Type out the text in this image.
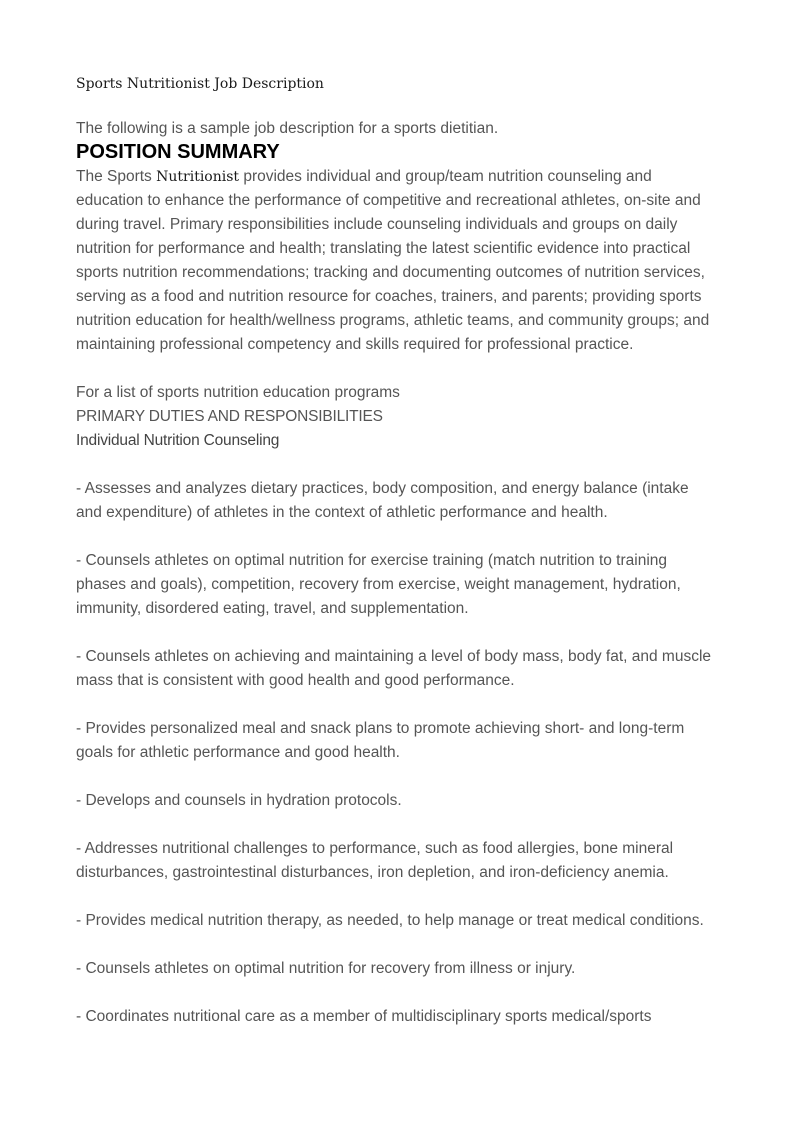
Sports Nutritionist Job Description
The following is a sample job description for a sports dietitian.
POSITION SUMMARY
The Sports Nutritionist provides individual and group/team nutrition counseling and education to enhance the performance of competitive and recreational athletes, on-site and during travel. Primary responsibilities include counseling individuals and groups on daily nutrition for performance and health; translating the latest scientific evidence into practical sports nutrition recommendations; tracking and documenting outcomes of nutrition services, serving as a food and nutrition resource for coaches, trainers, and parents; providing sports nutrition education for health/wellness programs, athletic teams, and community groups; and maintaining professional competency and skills required for professional practice.
For a list of sports nutrition education programs
PRIMARY DUTIES AND RESPONSIBILITIES
Individual Nutrition Counseling
- Assesses and analyzes dietary practices, body composition, and energy balance (intake and expenditure) of athletes in the context of athletic performance and health.
- Counsels athletes on optimal nutrition for exercise training (match nutrition to training phases and goals), competition, recovery from exercise, weight management, hydration, immunity, disordered eating, travel, and supplementation.
- Counsels athletes on achieving and maintaining a level of body mass, body fat, and muscle mass that is consistent with good health and good performance.
- Provides personalized meal and snack plans to promote achieving short- and long-term goals for athletic performance and good health.
- Develops and counsels in hydration protocols.
- Addresses nutritional challenges to performance, such as food allergies, bone mineral disturbances, gastrointestinal disturbances, iron depletion, and iron-deficiency anemia.
- Provides medical nutrition therapy, as needed, to help manage or treat medical conditions.
- Counsels athletes on optimal nutrition for recovery from illness or injury.
- Coordinates nutritional care as a member of multidisciplinary sports medical/sports
